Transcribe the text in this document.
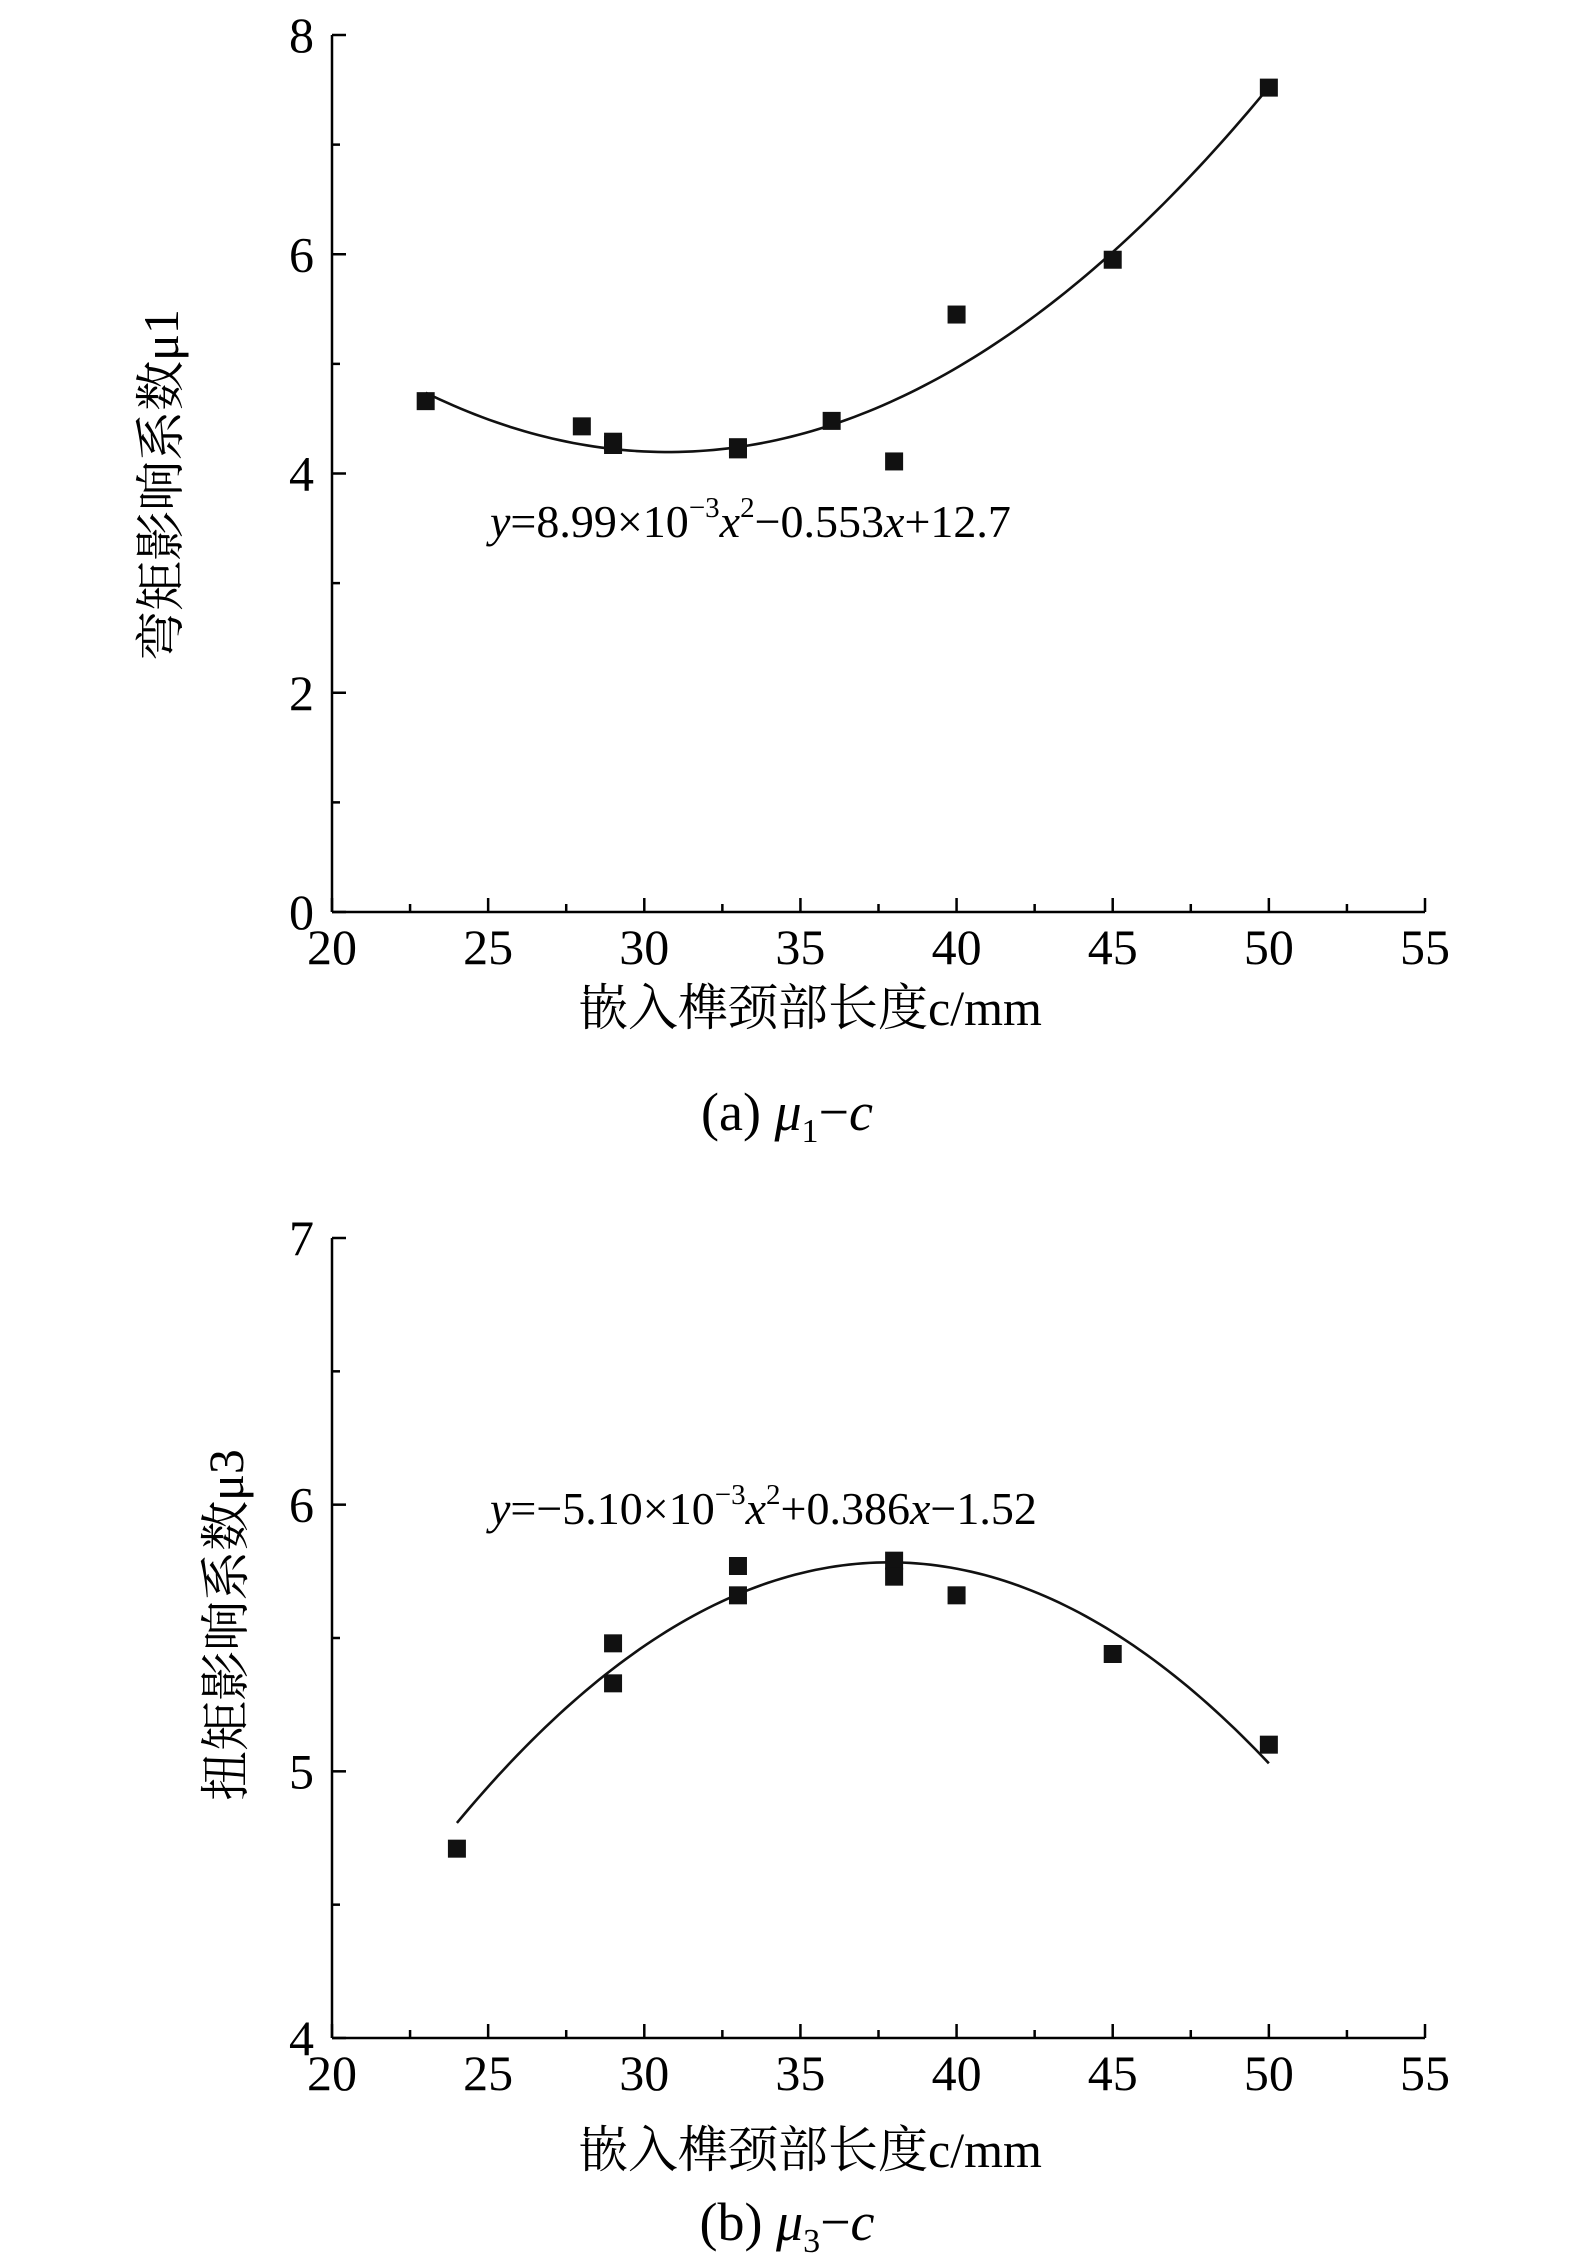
20 25 30 35 40 45 50 55
0
2
4
6
8
嵌入榫颈部长度c/mm
弯矩影响系数μ1	$y=8.99\times 10^{-3}x^2-0.553x+12.7$
(a) $\mu_1-c$
20 25 30 35 40 45 50 55
4
5
6
7
嵌入榫颈部长度c/mm
扭矩影响系数μ3	$y=-5.10\times 10^{-3}x^2+0.386x-1.52$
(b) $\mu_3-c$
